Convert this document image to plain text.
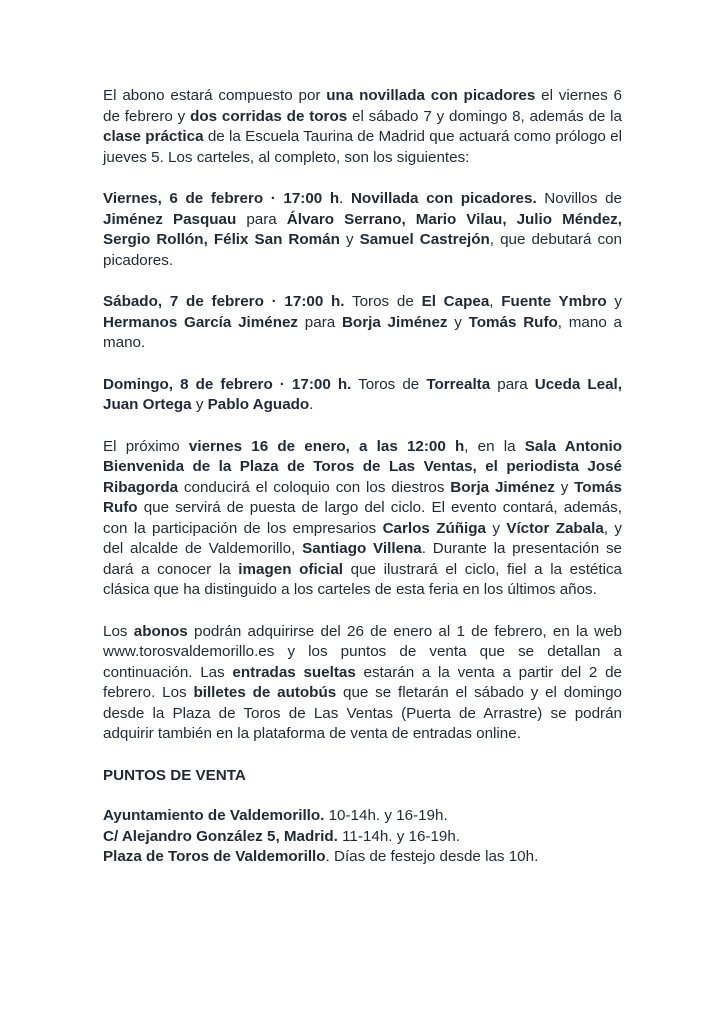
El abono estará compuesto por una novillada con picadores el viernes 6 de febrero y dos corridas de toros el sábado 7 y domingo 8, además de la clase práctica de la Escuela Taurina de Madrid que actuará como prólogo el jueves 5. Los carteles, al completo, son los siguientes:

Viernes, 6 de febrero · 17:00 h. Novillada con picadores. Novillos de Jiménez Pasquau para Álvaro Serrano, Mario Vilau, Julio Méndez, Sergio Rollón, Félix San Román y Samuel Castrejón, que debutará con picadores.

Sábado, 7 de febrero · 17:00 h. Toros de El Capea, Fuente Ymbro y Hermanos García Jiménez para Borja Jiménez y Tomás Rufo, mano a mano.

Domingo, 8 de febrero · 17:00 h. Toros de Torrealta para Uceda Leal, Juan Ortega y Pablo Aguado.

El próximo viernes 16 de enero, a las 12:00 h, en la Sala Antonio Bienvenida de la Plaza de Toros de Las Ventas, el periodista José Ribagorda conducirá el coloquio con los diestros Borja Jiménez y Tomás Rufo que servirá de puesta de largo del ciclo. El evento contará, además, con la participación de los empresarios Carlos Zúñiga y Víctor Zabala, y del alcalde de Valdemorillo, Santiago Villena. Durante la presentación se dará a conocer la imagen oficial que ilustrará el ciclo, fiel a la estética clásica que ha distinguido a los carteles de esta feria en los últimos años.

Los abonos podrán adquirirse del 26 de enero al 1 de febrero, en la web www.torosvaldemorillo.es y los puntos de venta que se detallan a continuación. Las entradas sueltas estarán a la venta a partir del 2 de febrero. Los billetes de autobús que se fletarán el sábado y el domingo desde la Plaza de Toros de Las Ventas (Puerta de Arrastre) se podrán adquirir también en la plataforma de venta de entradas online.

PUNTOS DE VENTA

Ayuntamiento de Valdemorillo. 10-14h. y 16-19h.
C/ Alejandro González 5, Madrid. 11-14h. y 16-19h.
Plaza de Toros de Valdemorillo. Días de festejo desde las 10h.
